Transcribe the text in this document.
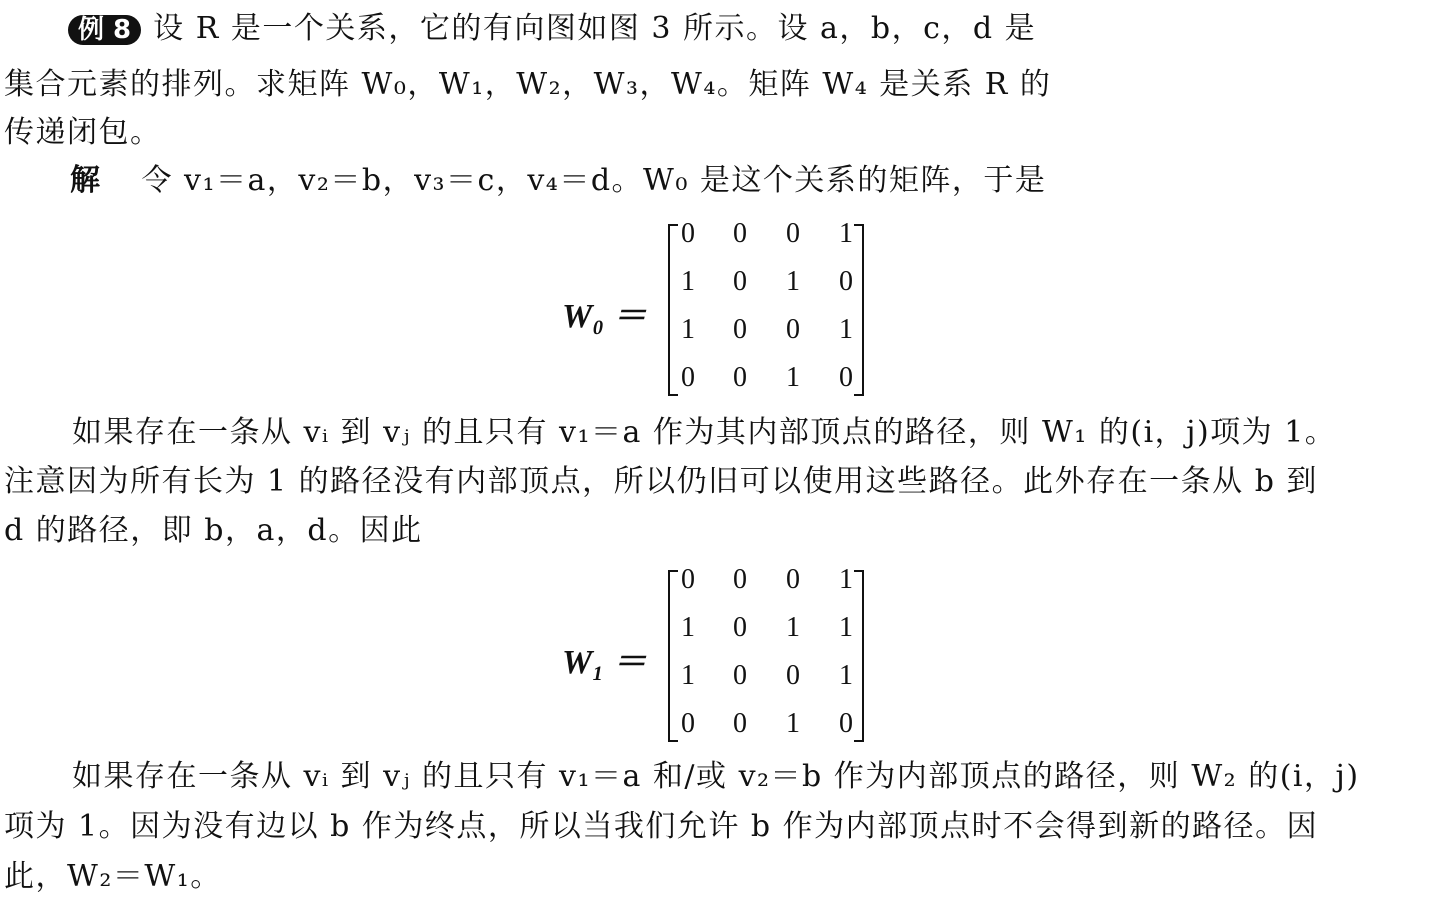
例 8 设 R 是一个关系，它的有向图如图 3 所示。设 a，b，c，d 是
集合元素的排列。求矩阵 W₀，W₁，W₂，W₃，W₄。矩阵 W₄ 是关系 R 的
传递闭包。
解 令 v₁＝a，v₂＝b，v₃＝c，v₄＝d。W₀ 是这个关系的矩阵，于是
W₀ ＝
0 0 0 1
1 0 1 0
1 0 0 1
0 0 1 0
如果存在一条从 vᵢ 到 vⱼ 的且只有 v₁＝a 作为其内部顶点的路径，则 W₁ 的(i，j)项为 1。
注意因为所有长为 1 的路径没有内部顶点，所以仍旧可以使用这些路径。此外存在一条从 b 到
d 的路径，即 b，a，d。因此
W₁ ＝
0 0 0 1
1 0 1 1
1 0 0 1
0 0 1 0
如果存在一条从 vᵢ 到 vⱼ 的且只有 v₁＝a 和/或 v₂＝b 作为内部顶点的路径，则 W₂ 的(i，j)
项为 1。因为没有边以 b 作为终点，所以当我们允许 b 作为内部顶点时不会得到新的路径。因
此，W₂＝W₁。
